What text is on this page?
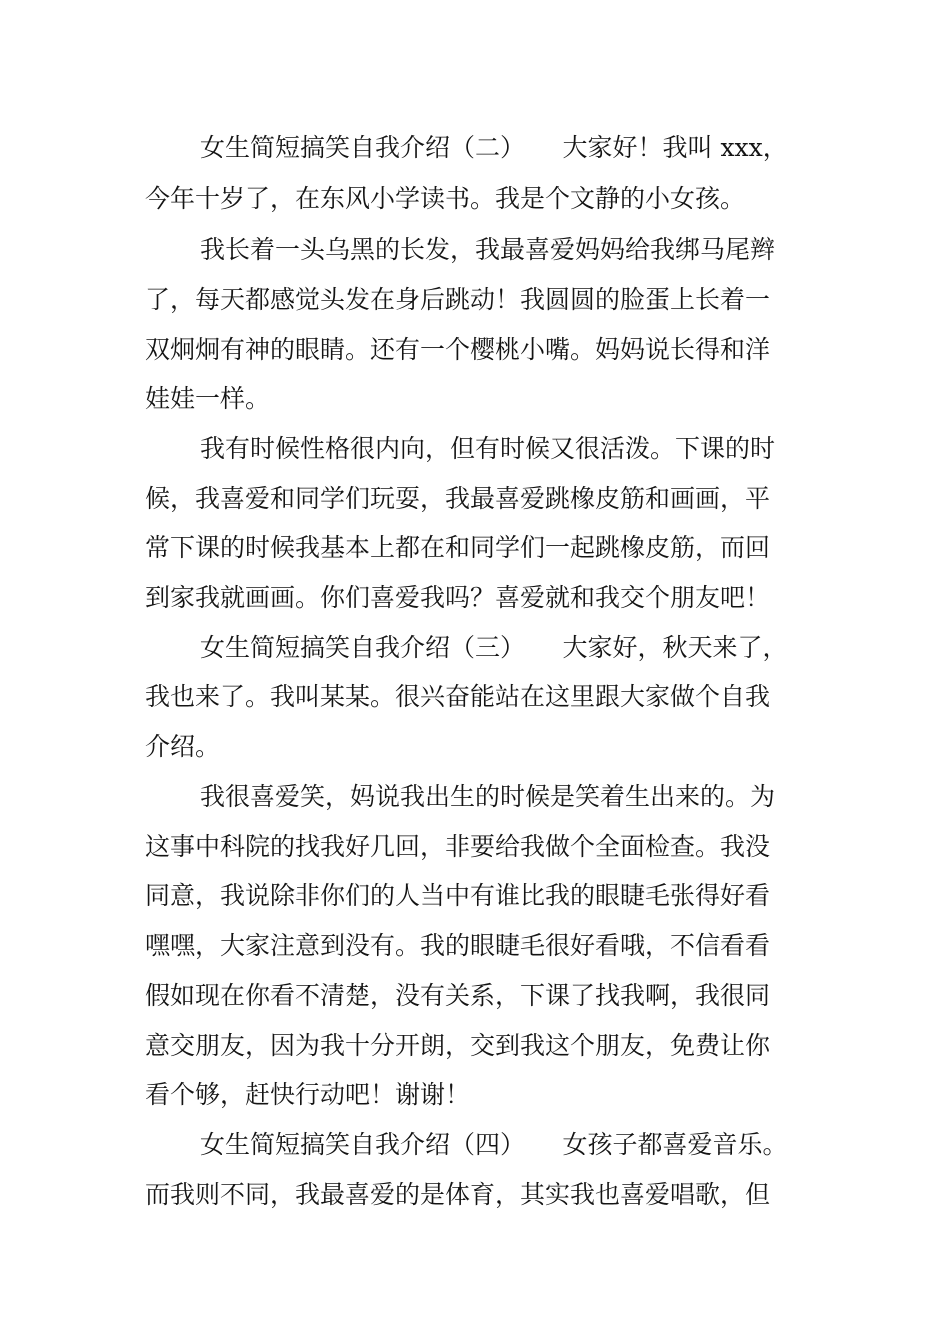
女生简短搞笑自我介绍（二）　　大家好！我叫 xxx，
今年十岁了，在东风小学读书。我是个文静的小女孩。
我长着一头乌黑的长发，我最喜爱妈妈给我绑马尾辫
了，每天都感觉头发在身后跳动！我圆圆的脸蛋上长着一
双炯炯有神的眼睛。还有一个樱桃小嘴。妈妈说长得和洋
娃娃一样。
我有时候性格很内向，但有时候又很活泼。下课的时
候，我喜爱和同学们玩耍，我最喜爱跳橡皮筋和画画，平
常下课的时候我基本上都在和同学们一起跳橡皮筋，而回
到家我就画画。你们喜爱我吗？喜爱就和我交个朋友吧！
女生简短搞笑自我介绍（三）　　大家好，秋天来了，
我也来了。我叫某某。很兴奋能站在这里跟大家做个自我
介绍。
我很喜爱笑，妈说我出生的时候是笑着生出来的。为
这事中科院的找我好几回，非要给我做个全面检查。我没
同意，我说除非你们的人当中有谁比我的眼睫毛张得好看
嘿嘿，大家注意到没有。我的眼睫毛很好看哦，不信看看
假如现在你看不清楚，没有关系，下课了找我啊，我很同
意交朋友，因为我十分开朗，交到我这个朋友，免费让你
看个够，赶快行动吧！谢谢！
女生简短搞笑自我介绍（四）　　女孩子都喜爱音乐。
而我则不同，我最喜爱的是体育，其实我也喜爱唱歌，但
